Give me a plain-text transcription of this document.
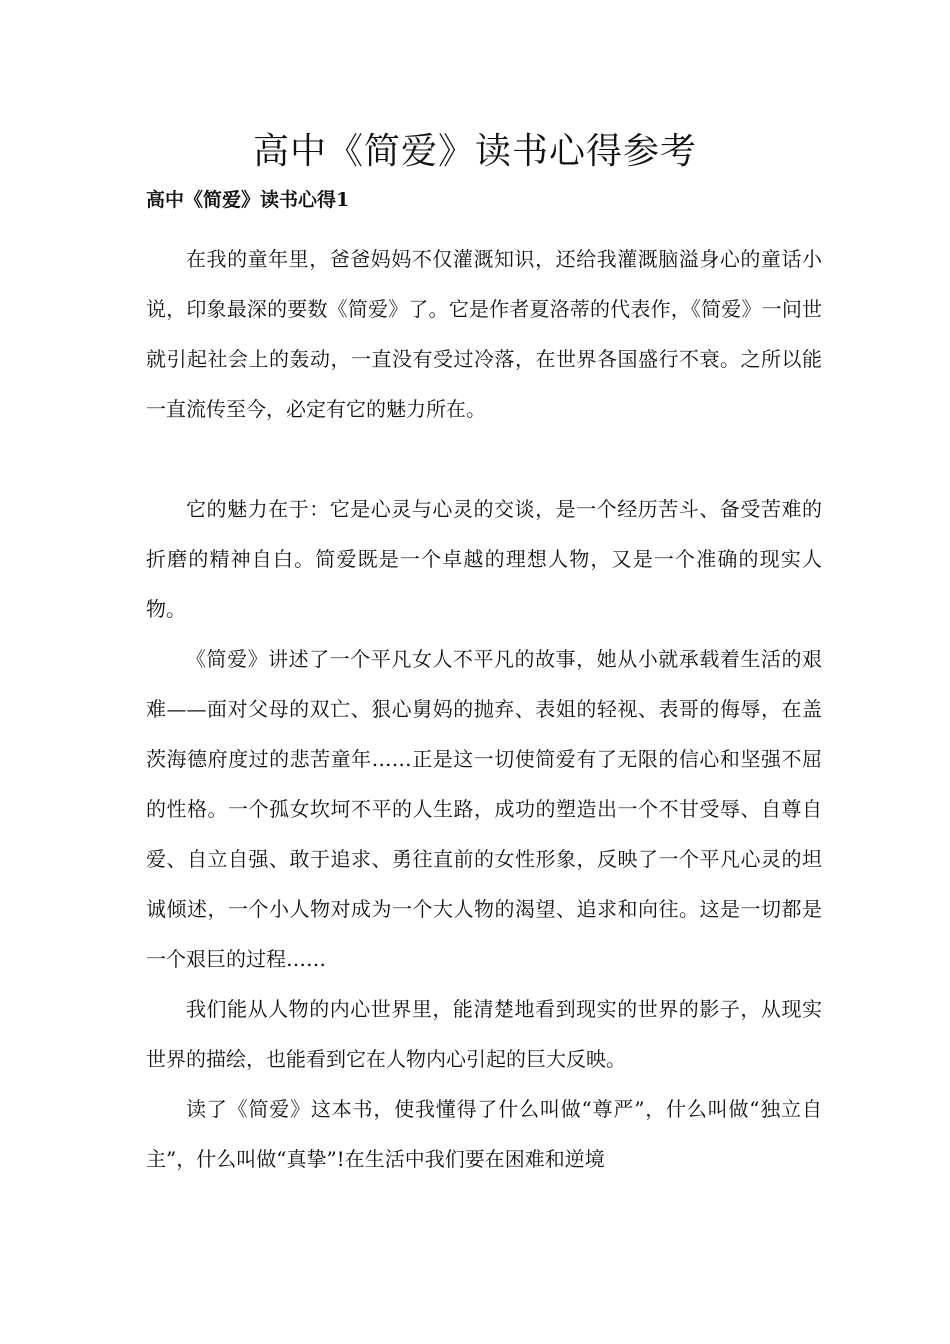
高中《简爱》读书心得参考
高中《简爱》读书心得1

在我的童年里，爸爸妈妈不仅灌溉知识，还给我灌溉脑溢身心的童话小说，印象最深的要数《简爱》了。它是作者夏洛蒂的代表作，《简爱》一问世就引起社会上的轰动，一直没有受过冷落，在世界各国盛行不衰。之所以能一直流传至今，必定有它的魅力所在。

它的魅力在于：它是心灵与心灵的交谈，是一个经历苦斗、备受苦难的折磨的精神自白。简爱既是一个卓越的理想人物，又是一个准确的现实人物。

《简爱》讲述了一个平凡女人不平凡的故事，她从小就承载着生活的艰难——面对父母的双亡、狠心舅妈的抛弃、表姐的轻视、表哥的侮辱，在盖茨海德府度过的悲苦童年……正是这一切使简爱有了无限的信心和坚强不屈的性格。一个孤女坎坷不平的人生路，成功的塑造出一个不甘受辱、自尊自爱、自立自强、敢于追求、勇往直前的女性形象，反映了一个平凡心灵的坦诚倾述，一个小人物对成为一个大人物的渴望、追求和向往。这是一切都是一个艰巨的过程……

我们能从人物的内心世界里，能清楚地看到现实的世界的影子，从现实世界的描绘，也能看到它在人物内心引起的巨大反映。

读了《简爱》这本书，使我懂得了什么叫做“尊严”，什么叫做“独立自主”，什么叫做“真挚”!在生活中我们要在困难和逆境
